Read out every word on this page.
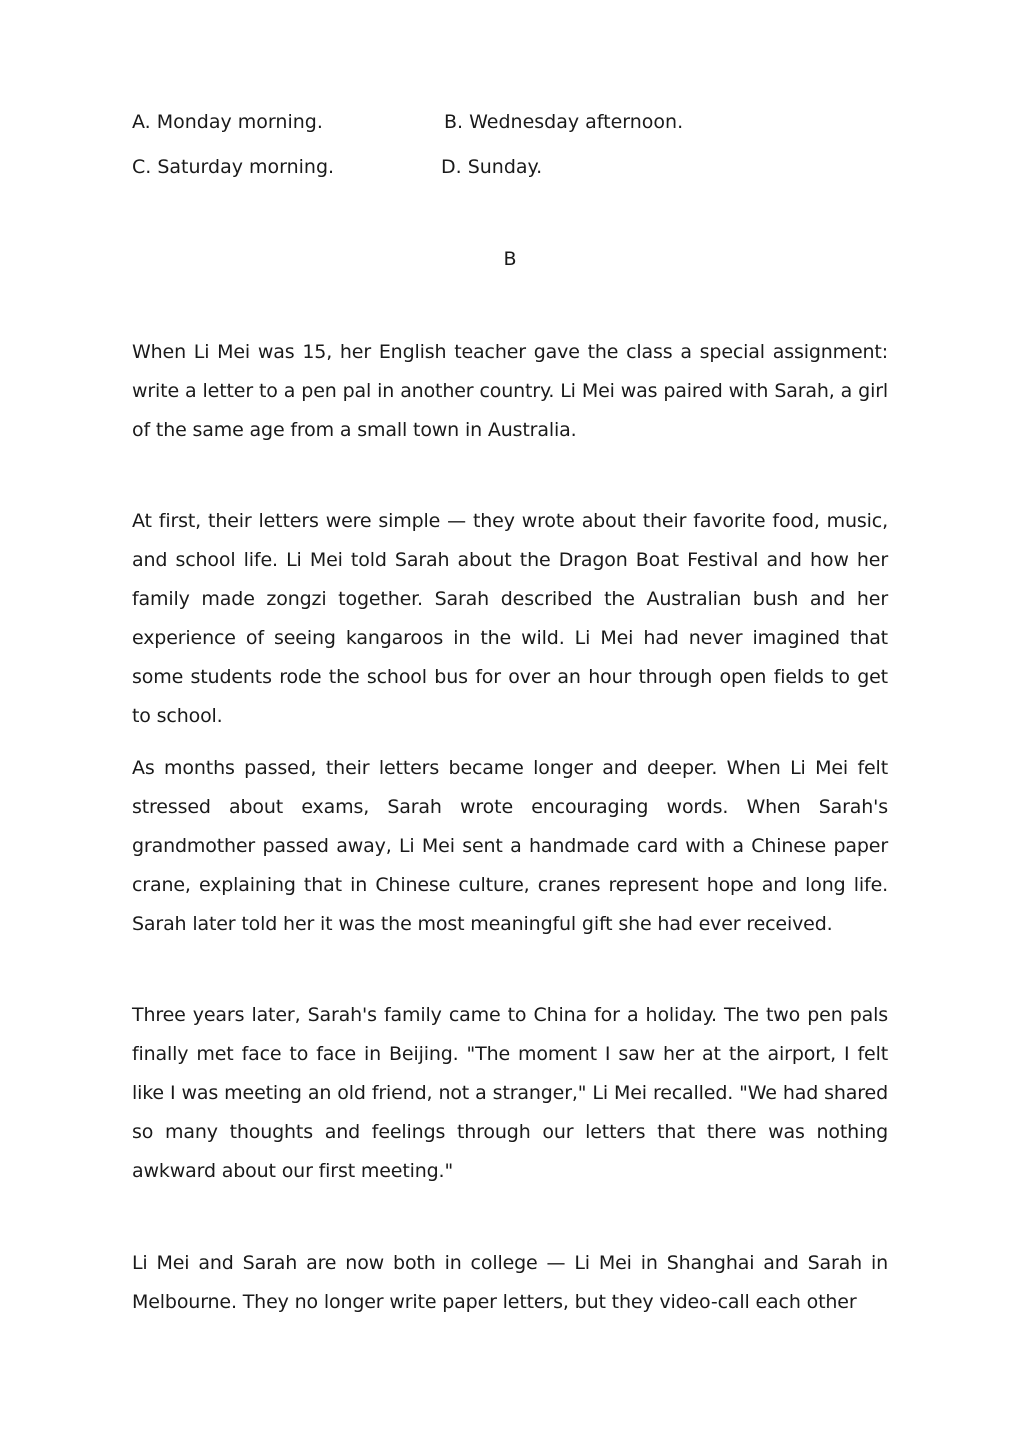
A. Monday morning.	B. Wednesday afternoon.
C. Saturday morning.	D. Sunday.
B

When Li Mei was 15, her English teacher gave the class a special assignment: write a letter to a pen pal in another country. Li Mei was paired with Sarah, a girl of the same age from a small town in Australia.

At first, their letters were simple — they wrote about their favorite food, music, and school life. Li Mei told Sarah about the Dragon Boat Festival and how her family made zongzi together. Sarah described the Australian bush and her experience of seeing kangaroos in the wild. Li Mei had never imagined that some students rode the school bus for over an hour through open fields to get to school.

As months passed, their letters became longer and deeper. When Li Mei felt stressed about exams, Sarah wrote encouraging words. When Sarah's grandmother passed away, Li Mei sent a handmade card with a Chinese paper crane, explaining that in Chinese culture, cranes represent hope and long life. Sarah later told her it was the most meaningful gift she had ever received.

Three years later, Sarah's family came to China for a holiday. The two pen pals finally met face to face in Beijing. "The moment I saw her at the airport, I felt like I was meeting an old friend, not a stranger," Li Mei recalled. "We had shared so many thoughts and feelings through our letters that there was nothing awkward about our first meeting."

Li Mei and Sarah are now both in college — Li Mei in Shanghai and Sarah in Melbourne. They no longer write paper letters, but they video-call each other
